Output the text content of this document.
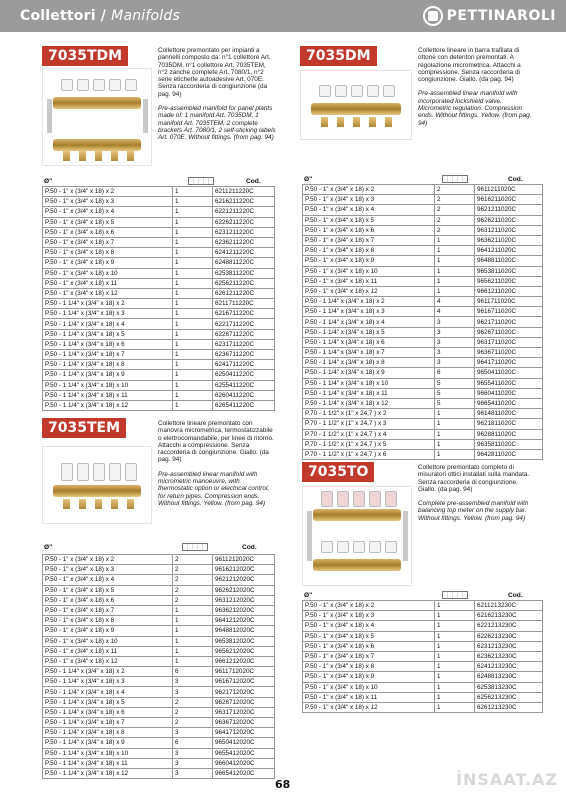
Collettori / Manifolds	PETTINAROLI
7035TDM	Collettore premontato per impianti a pannelli composto da: n°1 collettore Art. 7035DM, n°1 collettore Art. 7035TEM, n°2 zanche complete Art. 7080/1, n°2 serie etichette autoadesive Art. 070E. Senza raccorderia di congiunzione (da pag. 94)
Pre-assembled manifold for panel plants made of: 1 manifold Art. 7035DM, 1 manifold Art. 7035TEM, 2 complete brackets Art. 7080/1, 2 self-sticking labels Art. 070E. Without fittings. (from pag. 94)
Ø"	Cod.
P.50 - 1" x (3/4" x 18) x 2	1	6211211220C
P.50 - 1" x (3/4" x 18) x 3	1	6216211220C
P.50 - 1" x (3/4" x 18) x 4	1	6221211220C
P.50 - 1" x (3/4" x 18) x 5	1	6226211220C
P.50 - 1" x (3/4" x 18) x 6	1	6231211220C
P.50 - 1" x (3/4" x 18) x 7	1	6236211220C
P.50 - 1" x (3/4" x 18) x 8	1	6241211220C
P.50 - 1" x (3/4" x 18) x 9	1	6248811220C
P.50 - 1" x (3/4" x 18) x 10	1	6253811220C
P.50 - 1" x (3/4" x 18) x 11	1	6256211220C
P.50 - 1" x (3/4" x 18) x 12	1	6261211220C
P.50 - 1 1/4" x (3/4" x 18) x 2	1	6211711220C
P.50 - 1 1/4" x (3/4" x 18) x 3	1	6216711220C
P.50 - 1 1/4" x (3/4" x 18) x 4	1	6221711220C
P.50 - 1 1/4" x (3/4" x 18) x 5	1	6226711220C
P.50 - 1 1/4" x (3/4" x 18) x 6	1	6231711220C
P.50 - 1 1/4" x (3/4" x 18) x 7	1	6236711220C
P.50 - 1 1/4" x (3/4" x 18) x 8	1	6241711220C
P.50 - 1 1/4" x (3/4" x 18) x 9	1	6250411220C
P.50 - 1 1/4" x (3/4" x 18) x 10	1	6255411220C
P.50 - 1 1/4" x (3/4" x 18) x 11	1	6260411220C
P.50 - 1 1/4" x (3/4" x 18) x 12	1	6265411220C
7035DM	Collettore lineare in barra trafilata di ottone con detentori premontati. A regolazione micrometrica. Attacchi a compressione. Senza raccorderia di congiunzione. Giallo. (da pag. 94)
Pre-assembled linear manifold with incorporated lockshield valve. Micrometric regulation. Compression ends. Without fittings. Yellow. (from pag. 94)
Ø"	Cod.
P.50 - 1" x (3/4" x 18) x 2	2	9611211020C
P.50 - 1" x (3/4" x 18) x 3	2	9616211020C
P.50 - 1" x (3/4" x 18) x 4	2	9621211020C
P.50 - 1" x (3/4" x 18) x 5	2	9626211020C
P.50 - 1" x (3/4" x 18) x 6	2	9631211020C
P.50 - 1" x (3/4" x 18) x 7	1	9636211020C
P.50 - 1" x (3/4" x 18) x 8	1	9641211020C
P.50 - 1" x (3/4" x 18) x 9	1	9648811020C
P.50 - 1" x (3/4" x 18) x 10	1	9653811020C
P.50 - 1" x (3/4" x 18) x 11	1	9656211020C
P.50 - 1" x (3/4" x 18) x 12	1	9661211020C
P.50 - 1 1/4" x (3/4" x 18) x 2	4	9611711020C
P.50 - 1 1/4" x (3/4" x 18) x 3	4	9616711020C
P.50 - 1 1/4" x (3/4" x 18) x 4	3	9621711020C
P.50 - 1 1/4" x (3/4" x 18) x 5	3	9626711020C
P.50 - 1 1/4" x (3/4" x 18) x 6	3	9631711020C
P.50 - 1 1/4" x (3/4" x 18) x 7	3	9636711020C
P.50 - 1 1/4" x (3/4" x 18) x 8	3	9641711020C
P.50 - 1 1/4" x (3/4" x 18) x 9	6	9650411020C
P.50 - 1 1/4" x (3/4" x 18) x 10	5	9655411020C
P.50 - 1 1/4" x (3/4" x 18) x 11	5	9660411020C
P.50 - 1 1/4" x (3/4" x 18) x 12	5	9665411020C
P.70 - 1 1/2" x (1" x 24,7 ) x 2	1	9614811020C
P.70 - 1 1/2" x (1" x 24,7 ) x 3	1	9621811020C
P.70 - 1 1/2" x (1" x 24,7 ) x 4	1	9628811020C
P.70 - 1 1/2" x (1" x 24,7 ) x 5	1	9635811020C
P.70 - 1 1/2" x (1" x 24,7 ) x 6	1	9642811020C
7035TEM	Collettore lineare premontato con manovra micrometrica, termostatizzabile o elettrocomandabile, per linee di ritorno. Attacchi a compressione. Senza raccorderia di congiunzione. Giallo. (da pag. 94)
Pre-assembled linear manifold with micrometric manoeuvre, with thermostatic option or electrical control, for return pipes. Compression ends. Without fittings. Yellow. (from pag. 94)
Ø"	Cod.
P.50 - 1" x (3/4" x 18) x 2	2	9611212020C
P.50 - 1" x (3/4" x 18) x 3	2	9616212020C
P.50 - 1" x (3/4" x 18) x 4	2	9621212020C
P.50 - 1" x (3/4" x 18) x 5	2	9626212020C
P.50 - 1" x (3/4" x 18) x 6	2	9631212020C
P.50 - 1" x (3/4" x 18) x 7	1	9636212020C
P.50 - 1" x (3/4" x 18) x 8	1	9641212020C
P.50 - 1" x (3/4" x 18) x 9	1	9648812020C
P.50 - 1" x (3/4" x 18) x 10	1	9653812020C
P.50 - 1" x (3/4" x 18) x 11	1	9656212020C
P.50 - 1" x (3/4" x 18) x 12	1	9661212020C
P.50 - 1 1/4" x (3/4" x 18) x 2	6	9611712020C
P.50 - 1 1/4" x (3/4" x 18) x 3	3	9616712020C
P.50 - 1 1/4" x (3/4" x 18) x 4	3	9621712020C
P.50 - 1 1/4" x (3/4" x 18) x 5	2	9626712020C
P.50 - 1 1/4" x (3/4" x 18) x 6	2	9631712020C
P.50 - 1 1/4" x (3/4" x 18) x 7	2	9636712020C
P.50 - 1 1/4" x (3/4" x 18) x 8	3	9641712020C
P.50 - 1 1/4" x (3/4" x 18) x 9	6	9650412020C
P.50 - 1 1/4" x (3/4" x 18) x 10	3	9655412020C
P.50 - 1 1/4" x (3/4" x 18) x 11	3	9660412020C
P.50 - 1 1/4" x (3/4" x 18) x 12	3	9665412020C
7035TO	Collettore premontato completo di misuratori ottici installati sulla mandata. Senza raccorderia di congiunzione. Giallo. (da pag. 94)
Complete pre-assembled manifold with balancing top meter on the supply bar. Without fittings. Yellow. (from pag. 94)
Ø"	Cod.
P.50 - 1" x (3/4" x 18) x 2	1	6211213230C
P.50 - 1" x (3/4" x 18) x 3	1	6216213230C
P.50 - 1" x (3/4" x 18) x 4	1	6221213230C
P.50 - 1" x (3/4" x 18) x 5	1	6226213230C
P.50 - 1" x (3/4" x 18) x 6	1	6231213230C
P.50 - 1" x (3/4" x 18) x 7	1	6236213230C
P.50 - 1" x (3/4" x 18) x 8	1	6241213230C
P.50 - 1" x (3/4" x 18) x 9	1	6248813230C
P.50 - 1" x (3/4" x 18) x 10	1	6253813230C
P.50 - 1" x (3/4" x 18) x 11	1	6256213230C
P.50 - 1" x (3/4" x 18) x 12	1	6261213230C
68	İNSAAT.AZ
